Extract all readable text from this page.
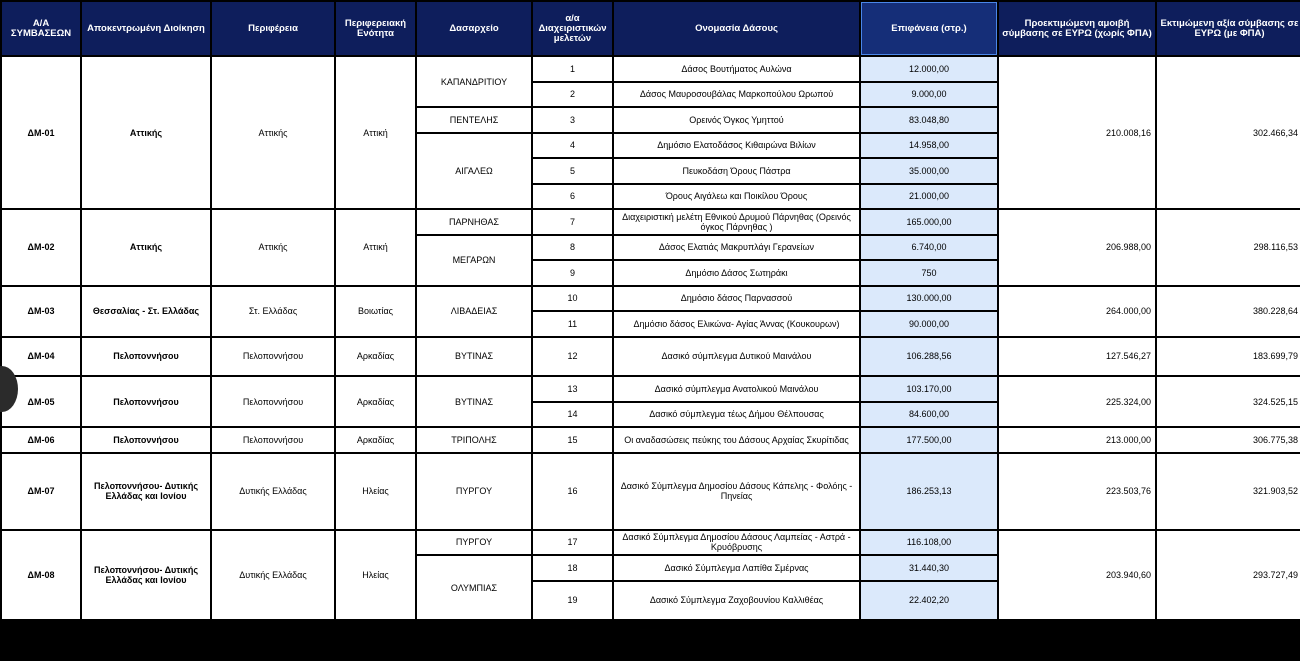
Α/Α ΣΥΜΒΑΣΕΩΝ	Αποκεντρωμένη Διοίκηση	Περιφέρεια	Περιφερειακή Ενότητα	Δασαρχείο	α/α Διαχειριστικών μελετών	Ονομασία Δάσους	Επιφάνεια (στρ.)	Προεκτιμώμενη αμοιβή σύμβασης σε ΕΥΡΩ (χωρίς ΦΠΑ)	Εκτιμώμενη αξία σύμβασης σε ΕΥΡΩ (με ΦΠΑ)
ΔΜ-01	Αττικής	Αττικής	Αττική	ΚΑΠΑΝΔΡΙΤΙΟΥ	1	Δάσος Βουτήματος Αυλώνα	12.000,00	210.008,16	302.466,34
					2	Δάσος Μαυροσουβάλας Μαρκοπούλου Ωρωπού	9.000,00		
				ΠΕΝΤΕΛΗΣ	3	Ορεινός Όγκος Υμηττού	83.048,80		
				ΑΙΓΑΛΕΩ	4	Δημόσιο Ελατοδάσος Κιθαιρώνα Βιλίων	14.958,00		
					5	Πευκοδάση Όρους Πάστρα	35.000,00		
					6	Όρους Αιγάλεω και Ποικίλου Όρους	21.000,00		
ΔΜ-02	Αττικής	Αττικής	Αττική	ΠΑΡΝΗΘΑΣ	7	Διαχειριστική μελέτη Εθνικού Δρυμού Πάρνηθας (Ορεινός όγκος Πάρνηθας )	165.000,00	206.988,00	298.116,53
				ΜΕΓΑΡΩΝ	8	Δάσος Ελατιάς Μακρυπλάγι Γερανείων	6.740,00		
					9	Δημόσιο Δάσος Σωτηράκι	750		
ΔΜ-03	Θεσσαλίας - Στ. Ελλάδας	Στ. Ελλάδας	Βοιωτίας	ΛΙΒΑΔΕΙΑΣ	10	Δημόσιο δάσος Παρνασσού	130.000,00	264.000,00	380.228,64
					11	Δημόσιο δάσος Ελικώνα- Αγίας Άννας (Κουκουρων)	90.000,00		
ΔΜ-04	Πελοποννήσου	Πελοποννήσου	Αρκαδίας	ΒΥΤΙΝΑΣ	12	Δασικό σύμπλεγμα Δυτικού Μαινάλου	106.288,56	127.546,27	183.699,79
ΔΜ-05	Πελοποννήσου	Πελοποννήσου	Αρκαδίας	ΒΥΤΙΝΑΣ	13	Δασικό σύμπλεγμα Ανατολικού Μαινάλου	103.170,00	225.324,00	324.525,15
					14	Δασικό σύμπλεγμα τέως Δήμου Θέλπουσας	84.600,00		
ΔΜ-06	Πελοποννήσου	Πελοποννήσου	Αρκαδίας	ΤΡΙΠΟΛΗΣ	15	Οι αναδασώσεις πεύκης του Δάσους Αρχαίας Σκυρίτιδας	177.500,00	213.000,00	306.775,38
ΔΜ-07	Πελοποννήσου- Δυτικής Ελλάδας και Ιονίου	Δυτικής Ελλάδας	Ηλείας	ΠΥΡΓΟΥ	16	Δασικό Σύμπλεγμα Δημοσίου Δάσους Κάπελης - Φολόης - Πηνείας	186.253,13	223.503,76	321.903,52
ΔΜ-08	Πελοποννήσου- Δυτικής Ελλάδας και Ιονίου	Δυτικής Ελλάδας	Ηλείας	ΠΥΡΓΟΥ	17	Δασικό Σύμπλεγμα Δημοσίου Δάσους Λαμπείας - Αστρά - Κρυόβρυσης	116.108,00	203.940,60	293.727,49
				ΟΛΥΜΠΙΑΣ	18	Δασικό Σύμπλεγμα Λαπίθα Σμέρνας	31.440,30		
					19	Δασικό Σύμπλεγμα Ζαχοβουνίου Καλλιθέας	22.402,20		
